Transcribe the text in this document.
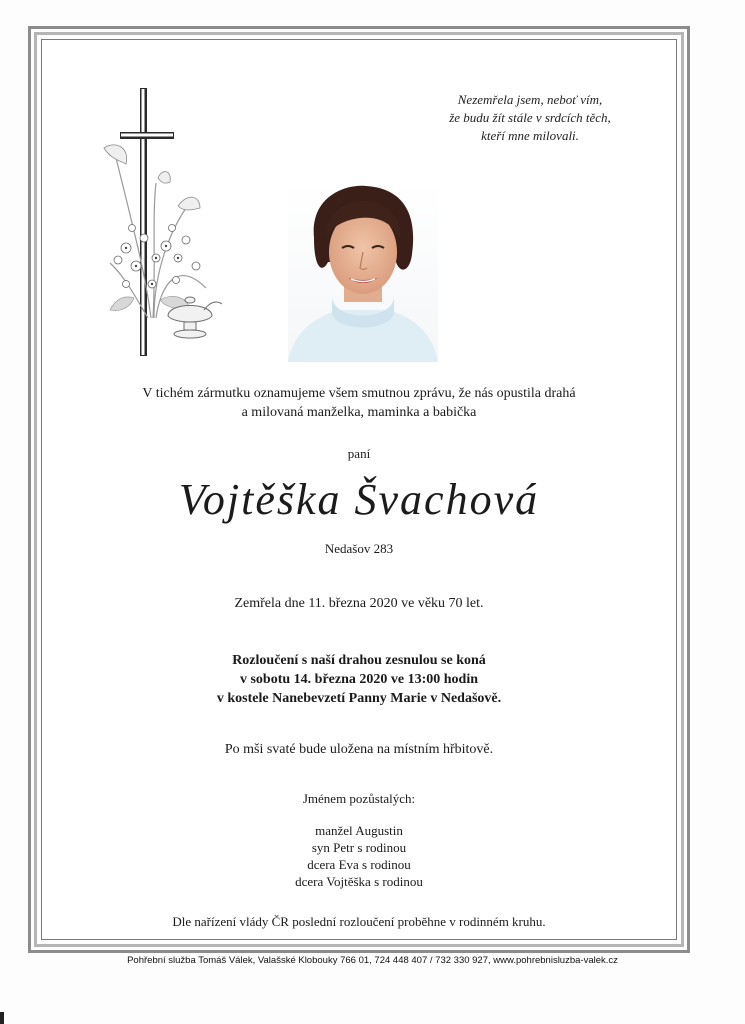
Nezemřela jsem, neboť vím,
že budu žít stále v srdcích těch,
kteří mne milovali.
V tichém zármutku oznamujeme všem smutnou zprávu, že nás opustila drahá
a milovaná manželka, maminka a babička
paní
Vojtěška Švachová
Nedašov 283
Zemřela dne 11. března 2020 ve věku 70 let.
Rozloučení s naší drahou zesnulou se koná
v sobotu 14. března 2020 ve 13:00 hodin
v kostele Nanebevzetí Panny Marie v Nedašově.
Po mši svaté bude uložena na místním hřbitově.
Jménem pozůstalých:
manžel Augustin
syn Petr s rodinou
dcera Eva s rodinou
dcera Vojtěška s rodinou
Dle nařízení vlády ČR poslední rozloučení proběhne v rodinném kruhu.
Pohřební služba Tomáš Válek, Valašské Klobouky 766 01, 724 448 407 / 732 330 927, www.pohrebnisluzba-valek.cz
